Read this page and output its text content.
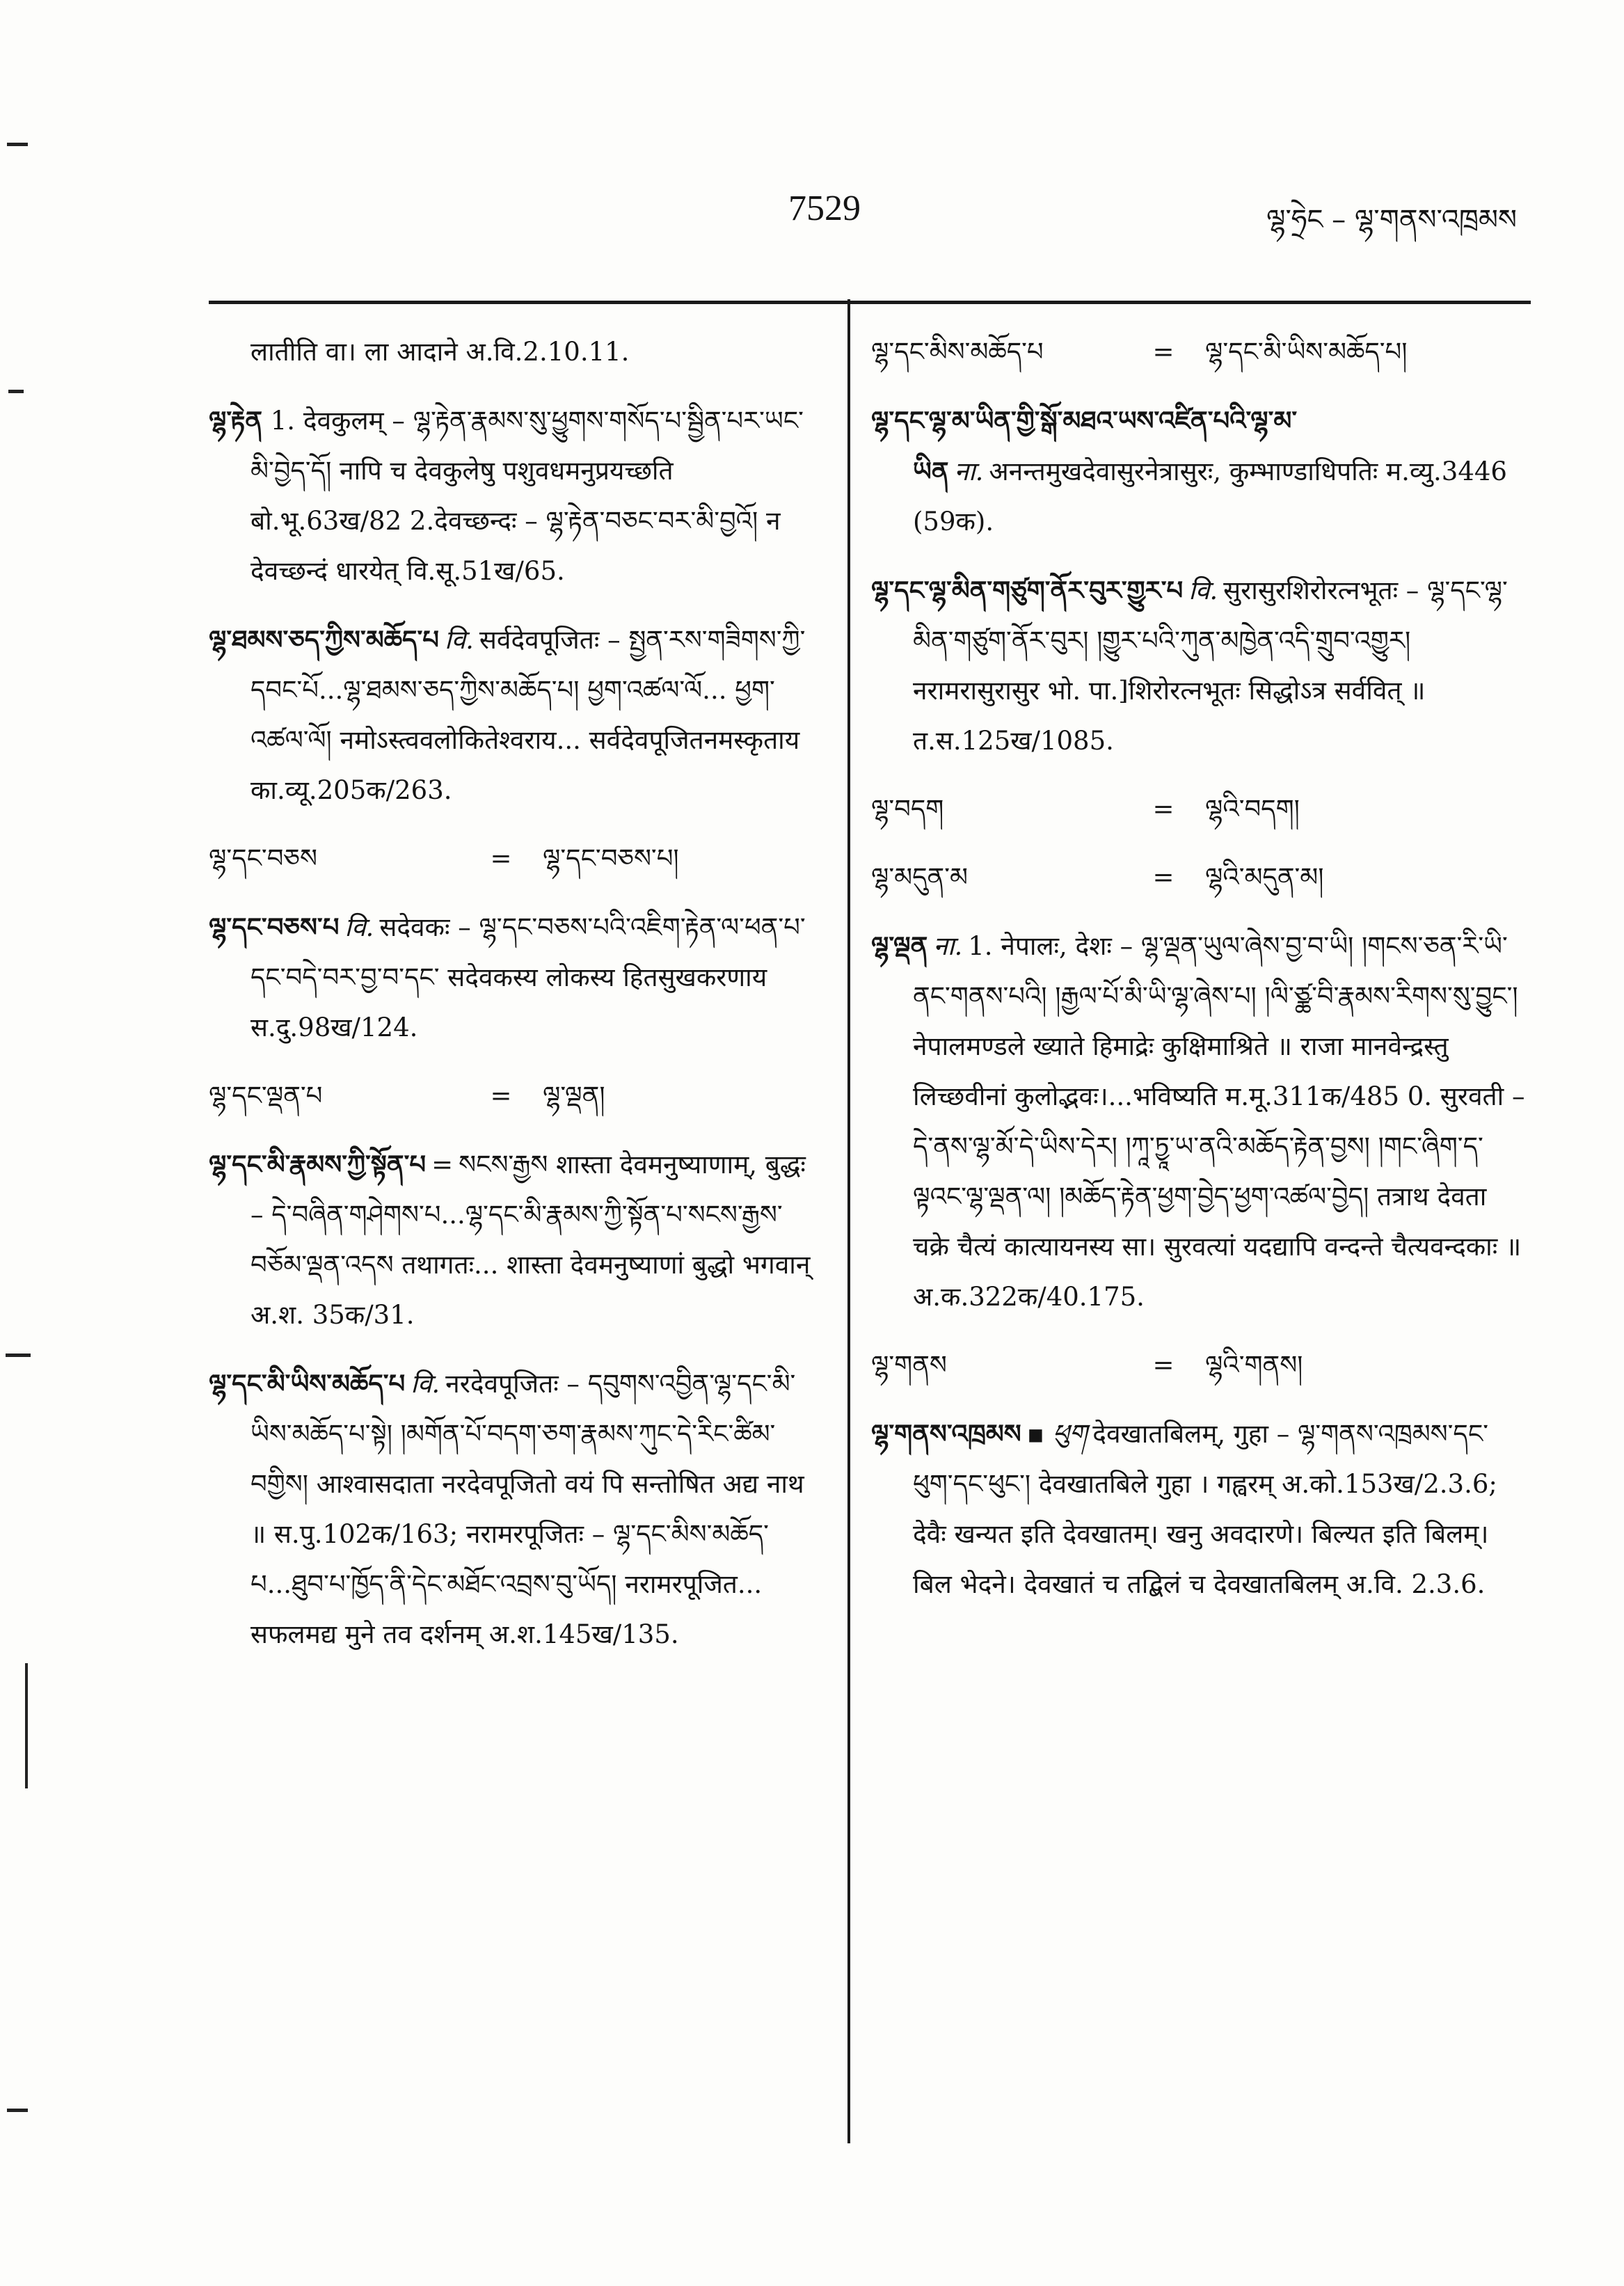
7529	ལྷ་ཧྲེང – ལྷ་གནས་འཁྲམས

लातीति वा। ला आदाने अ.वि.2.10.11.

ལྷ་རྟེན 1. देवकुलम् – ལྷ་རྟེན་རྣམས་སུ་ཕྱུགས་གསོད་པ་སྦྱིན་པར་ཡང་མི་བྱེད་དོ། नापि च देवकुलेषु पशुवधमनुप्रयच्छति बो.भू.63ख/82 2.देवच्छन्दः – ལྷ་རྟེན་བཅང་བར་མི་བྱའོ། न देवच्छन्दं धारयेत् वि.सू.51ख/65.

ལྷ་ཐམས་ཅད་ཀྱིས་མཆོད་པ वि. सर्वदेवपूजितः – སྤྱན་རས་གཟིགས་ཀྱི་དབང་པོ...ལྷ་ཐམས་ཅད་ཀྱིས་མཆོད་པ། ཕྱག་འཚལ་ལོ... ཕྱག་འཚལ་ལོ། नमोऽस्त्ववलोकितेश्वराय... सर्वदेवपूजितनमस्कृताय का.व्यू.205क/263.

ལྷ་དང་བཅས	=	ལྷ་དང་བཅས་པ།

ལྷ་དང་བཅས་པ वि. सदेवकः – ལྷ་དང་བཅས་པའི་འཇིག་རྟེན་ལ་ཕན་པ་དང་བདེ་བར་བྱ་བ་དང་ सदेवकस्य लोकस्य हितसुखकरणाय स.दु.98ख/124.

ལྷ་དང་ལྡན་པ	=	ལྷ་ལྡན།

ལྷ་དང་མི་རྣམས་ཀྱི་སྟོན་པ = སངས་རྒྱས शास्ता देवमनुष्याणाम्, बुद्धः – དེ་བཞིན་གཤེགས་པ...ལྷ་དང་མི་རྣམས་ཀྱི་སྟོན་པ་སངས་རྒྱས་བཅོམ་ལྡན་འདས तथागतः... शास्ता देवमनुष्याणां बुद्धो भगवान् अ.श. 35क/31.

ལྷ་དང་མི་ཡིས་མཆོད་པ वि. नरदेवपूजितः – དབུགས་འབྱིན་ལྷ་དང་མི་ཡིས་མཆོད་པ་སྟེ། །མགོན་པོ་བདག་ཅག་རྣམས་ཀུང་དེ་རིང་ཚིམ་བགྱིས། आश्वासदाता नरदेवपूजितो वयं पि सन्तोषित अद्य नाथ ॥ स.पु.102क/163; नरामरपूजितः – ལྷ་དང་མིས་མཆོད་པ...ཐུབ་པ་ཁྱོད་ནི་དེང་མཐོང་འབྲས་བུ་ཡོད། नरामरपूजित... सफलमद्य मुने तव दर्शनम् अ.श.145ख/135.

ལྷ་དང་མིས་མཆོད་པ	=	ལྷ་དང་མི་ཡིས་མཆོད་པ།

ལྷ་དང་ལྷ་མ་ཡིན་གྱི་སྒོ་མཐའ་ཡས་འཛིན་པའི་ལྷ་མ་ཡིན ना. अनन्तमुखदेवासुरनेत्रासुरः, कुम्भाण्डाधिपतिः म.व्यु.3446 (59क).

ལྷ་དང་ལྷ་མིན་གཙུག་ནོར་བུར་གྱུར་པ वि. सुरासुरशिरोरत्नभूतः – ལྷ་དང་ལྷ་མིན་གཙུག་ནོར་བུར། །གྱུར་པའི་ཀུན་མཁྱེན་འདི་གྲུབ་འགྱུར། नरामरासुरासुर भो. पा.]शिरोरत्नभूतः सिद्धोऽत्र सर्ववित् ॥ त.स.125ख/1085.

ལྷ་བདག	=	ལྷའི་བདག།
ལྷ་མདུན་མ	=	ལྷའི་མདུན་མ།

ལྷ་ལྡན ना. 1. नेपालः, देशः – ལྷ་ལྡན་ཡུལ་ཞེས་བྱ་བ་ཡི། །གངས་ཅན་རི་ཡི་ནང་གནས་པའི། །རྒྱལ་པོ་མི་ཡི་ལྷ་ཞེས་པ། །ལི་ཙྪ་བི་རྣམས་རིགས་སུ་བྱུང་། नेपालमण्डले ख्याते हिमाद्रेः कुक्षिमाश्रिते ॥ राजा मानवेन्द्रस्तु लिच्छवीनां कुलोद्भवः।...भविष्यति म.मू.311क/485 0. सुरवती – དེ་ནས་ལྷ་མོ་དེ་ཡིས་དེར། །ཀཱ་ཏྱཱ་ཡ་ནའི་མཆོད་རྟེན་བྱས། །གང་ཞིག་ད་ལྟའང་ལྷ་ལྡན་ལ། །མཆོད་རྟེན་ཕྱག་བྱེད་ཕྱག་འཚལ་བྱེད། तत्राथ देवता चक्रे चैत्यं कात्यायनस्य सा। सुरवत्यां यदद्यापि वन्दन्ते चैत्यवन्दकाः ॥ अ.क.322क/40.175.

ལྷ་གནས	=	ལྷའི་གནས།

ལྷ་གནས་འཁྲམས ▪ ཕུག देवखातबिलम्, गुहा – ལྷ་གནས་འཁྲམས་དང་ཕུག་དང་ཕུང་། देवखातबिले गुहा । गह्वरम् अ.को.153ख/2.3.6; देवैः खन्यत इति देवखातम्। खनु अवदारणे। बिल्यत इति बिलम्। बिल भेदने। देवखातं च तद्बिलं च देवखातबिलम् अ.वि. 2.3.6.
